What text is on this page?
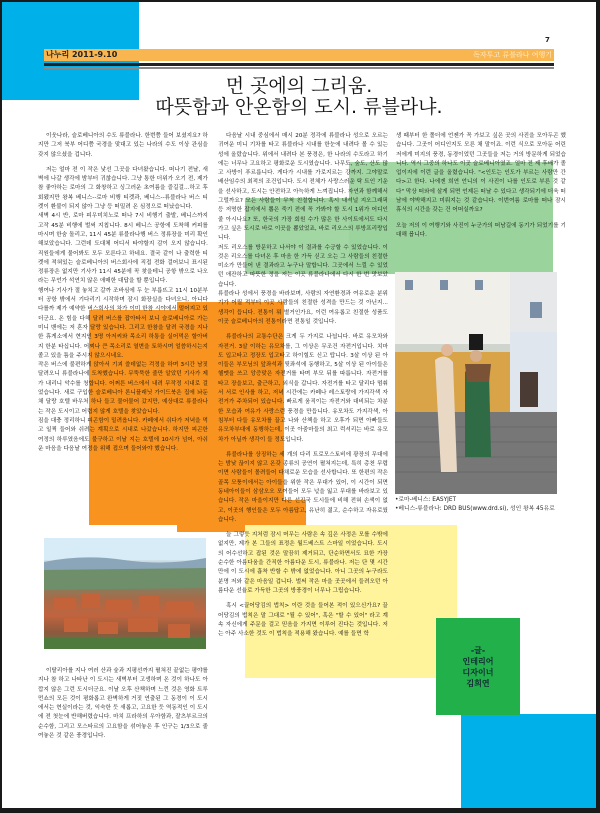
7
나누리 2011-9.10	독자투고 류블라나 여행기
먼 곳에의 그리움.
따뜻함과 안온함의 도시. 류블라냐.

이웃나라, 슬로베니아의 수도 류블라나. 한번쯤 들어 보셨지요? 하지만 그저 북부 어디쯤 국경을 맞대고 있는 나라의 수도 이상 관심을 갖지 않으셨을 겁니다.

저는 얼마 전 이 작은 낯선 그곳을 다녀왔습니다. 떠나기 전날, 새벽에 나갈 생각에 밤부터 귀찮습니다. 그냥 통한 더위가 오기 전, 제가 참 좋아하는 로마의 그 화창하고 싱그러운 초여름을 즐길걸...하고 후회됐지만 왕복 베니스--로마 비행 티켓과, 베니스--류블라나 버스 티켓이 환불이 되지 않아 그냥 등 떠밀려 온 심정으로 떠났습니다.

새벽 4시 반, 로마 피우미치노로 떠나 7시 비행기 출발, 베니스까지 고작 45분 비행에 벌써 지칩니다. 8시 베니스 공항에 도착해 커피를 마시며 한숨 돌리고, 11시 45분 류블라나행 버스 정류장을 미리 확인해보았습니다. 그런데 도대체 어디서 타야할지 감이 오지 않습니다. 직원들에게 물어봐도 모두 모른다고 하네요. 결국 같이 나 출력한 티켓에 적혀있는 슬로베니아의 버스회사에 직접 전화 걸어보니 표시된 정류장은 없지만 기사가 11시 45분에 꼭 찾을테니 공항 밖으로 나오라는 무언가 석연치 않은 애매한 대답을 할 뿐입니다.

행여나 기사가 절 놓치고 갈까 조바심에 두 눈 부릅뜨고 11시 10분부터 공항 밖에서 기다리기 시작하며 잠시 화장실을 다녀오니, 아니다 다를까 제가 예약한 버스회사의 차가 이미 한참 시야에서 멀어지고 있더군요. 온 힘을 다해 달려 버스를 잡아타서 보니 슬로베니아로 가는 미니 밴에는 저 혼자 달랑 있습니다. 그리고 한참을 달려 국경을 지나 한 휴게소에서 현지인 3명 아저씨와 목소리 하통을 실어먹은 할아버지 한분 타십니다. 어찌나 큰 목소리로 열변을 토하시며 얼씀하시는지 졸고 있을 틈을 주시지 않으시네요.

작은 버스에 불편하게 앉아서 기괴 쓸데없는 걱정을 하며 3시간 남짓 달려오니 류블라나에 도착했습니다. 무뚝뚝한 줄만 알았던 기사가 제가 내리니 악수를 청합니다. 어쩌튼 버스에서 내려 무작정 시내로 걸었습니다. 새로 구입한 슬로베니아 론니플래닛 가이드북은 집에 놔둔 채 달랑 호텔 바우처 하나 들고 물어물어 갔지만, 예상대로 류블라나는 작은 도시이고 어렵지 않게 호텔을 찾았습니다.

짐을 대충 정리하니 피곤함이 밀려옵니다. 카페에서 쉬다가 저녁을 먹고 일찍 들어와 쉬려는 계획으로 시내로 나갔습니다. 하지만 피곤한 여정의 하루였음에도 불구하고 이날 지는 호텔에 10시가 넘어, 아쉬운 마음을 다음날 여정을 위해 접으며 들어와야 했습니다.

이탈리아를 지나 여러 산과 숲과 지평선까지 펼쳐진 끝없는 평야를 지나 참 하고 나타난 이 도시는 새벽부터 고생하며 온 것이 하나도 아깝지 않은 그런 도시더군요. 이날 오후 산책하며 느낀 것은 영화 트루먼쇼의 모든 것이 평화롭고 완벽하게 거짓 연출된 그 동경이 이 도시에서는 현실이라는 것, 익숙한 듯 새롭고, 고요한 듯 역동적인 이 도시에 전 첫눈에 반해버렸습니다. 마치 프라하의 우아함과, 잘츠부르크의 순수함, 그리고 모스타르의 고요함을 섞어놓은 후 인구는 1/3으로 줄여놓은 것 같은 풍경입니다.

다음날 시내 중심에서 매시 20분 정각에 류블라나 성으로 오르는 귀여운 미니 기차를 타고 류블라나 시내를 한눈에 내려다 볼 수 있는 성에 올랐습니다. 위에서 내려다 본 풍경은, 한 나라의 수도라고 하기에는 너무나 고요하고 평화로운 도시였습니다. 나무도, 숲도, 산도 많고 사방이 푸르릅니다. 게다가 시내를 가로지르는 강까지. 그야말로 배산임수의 최적의 조건입니다. 도시 전체가 사랑스러운 탁 트인 기운을 선사하고, 도시는 안전하고 아늑하게 느껴집니다. 자연과 함께해서 그럴까요? 모든 사람들이 무척 친절합니다. 혹시 내셔널 지오그래픽 등 저명한 잡지에서 뽑은 죽기 전에 꼭 가봐야 할 도시 1위가 어디인줄 아시나요? 또, 한국의 가장 회원 수가 많은 한 사이트에서도 다시 가고 싶은 도시로 바로 이곳을 뽑았었죠, 바로 리오스의 루방프리랑입니다.

저도 리오스를 방문하고 나서야 이 결과를 수긍할 수 있었습니다. 이것은 리오스를 다녀온 후 마음 한 가득 싣고 오는 그 사람들의 친절한 미소가 만들어 낸 결과라고 누구나 말합니다. 그곳에서 느낄 수 있었던 애잔하고 따뜻한 정을 저는 이곳 류블라나에서 다시 한 번 맛보았습니다.

류블라나 성에서 풍경을 바라보며, 사람의 자연환경과 여유로운 분위기가 어릴 적부터 이곳 사람들의 친절한 성격을 만드는 것 아닌지... 생각이 듭니다. 전통이 뭐 별거인가요, 이런 여유롭고 친절한 성품도 이곳 슬로베니아의 전통이라면 전통일 것입니다.

류블라나의 교통수단은 크게 두 가지로 나뉩니다. 바로 유모차와 자전거. 3살 이하는 유모차를, 그 이상은 무조건 자전거입니다. 치마도 입고타고 정장도 입고타고 하이힐도 신고 탑니다. 3살 이상 된 아이들은 부모님의 앞좌석과 뒷좌석에 동행하고, 5살 이상 된 아이들은 헬멧을 쓰고 앙증맞은 자전거를 타며 부모 뒤를 따릅니다. 자전거를 타고 장을보고, 출근하고, 외식을 갑니다. 자전거를 타고 달리다 멈춰서 서로 인사를 하고, 저녁 시간에는 카페나 레스토랑에 가지각색 자전거가 주차되어 있습니다. 빠르게 움직이는 자전거와 대비되는 차분한 모습과 여유가 사랑스런 풍경을 만듭니다. 유모차도 가지각색, 아침부터 다들 유모차를 끌고 나와 산책을 하고 오후가 되면 아빠들도 유모차부대에 동행하는데, 이곳 아줌마들의 최고 럭셔리는 바로 유모차가 아닐까 생각이 들 정도입니다.

류블라나를 상징하는 세 개의 다리 트로모스토비에 광장의 무대에는 밤낮 끊이지 않고 온갖 종류의 공연이 펼쳐지는데, 특히 총천 무렵이면 사람들이 몰려들어 다채로운 모습을 선사합니다. 또 한편의 작은 골목 모퉁이에서는 아이들을 위한 작은 무대가 있어, 이 시간이 되면 동네아이들이 삼삼오오 모여들어 모두 넋을 잃고 무대를 바라보고 있습니다. 작은 마을이지만 다른 선진국 도시들에 비해 전혀 손색이 없고, 이곳의 행인들은 모두 아름답고, 유난히 젊고, 순수하고 자유로웠습니다.

늘 그렇듯 지처럼 잠시 머무는 사람은 속 깊은 사정은 모를 수밖에 없지만, 제가 본 그들의 표정은 월드베스트 스마일 이었습니다. 도시의 어수선하고 잡된 것은 말끔히 제거되고, 단순하면서도 묘한 가장 순수한 아름다움을 간직한 아름다운 도시, 류블라나. 저는 단 몇 시간 만에 이 도시에 흡착 반할 수 밖에 없었습니다. 아니 그곳의 누구라도 분명 저와 같은 마음일 겁니다. 벌써 작은 마을 곳곳에서 들려오던 아름다운 선율로 가득한 그곳의 방풍경이 너무나 그립습니다.

혹시 <끌어당김의 법칙> 이란 것을 들어본 적이 있으신가요? 끌어당김의 법칙은 말 그대로 "될 수 있어", 혹은 "할 수 있어" 라고 계속 자신에게 주문을 걸고 믿음을 가지면 이루어 진다는 것입니다. 저는 아주 사소한 것도 이 법칙을 적용해 왔습니다. 예를 들면 학

생 때부터 한 폴더에 언젠가 꼭 가보고 싶은 곳의 사진을 모아두곤 했습니다. 그곳이 어디인지도 모른 채 말이죠. 이런 식으로 모아둔 어린 저에게 미지의 풍경, 동경이었던 그곳들을 저는 거의 방문하게 되었습니다. 역시 그중의 하나도 이곳 슬로베니아였죠. 얼마 전 제 후배가 졸업이지에 이런 글을 올렸습니다. "<인도는 인도가 부르는 사람만 간다>고 한다. 나에겐 희연 언니의 이 사진이 나를 인도로 부른 것 같다" 막상 떠와에 살게 되면 언제든 떠날 수 있다고 생각되기에 더욱 떠남에 야박해지고 미뤄지는 것 같습니다. 이번여름 로마를 떠나 잠시 휴식의 시간을 갖는 건 어떠실까요?

오늘 저의 이 여행기와 사진이 누군가의 떠남길에 동기가 되었기를 기대해 봅니다.

•로마-베니스: EASYJET
•베니스-류블라나: DRD BUS(www.drd.si), 성인 왕복 45유로
-글-
인테리어
디자이너
김희연
